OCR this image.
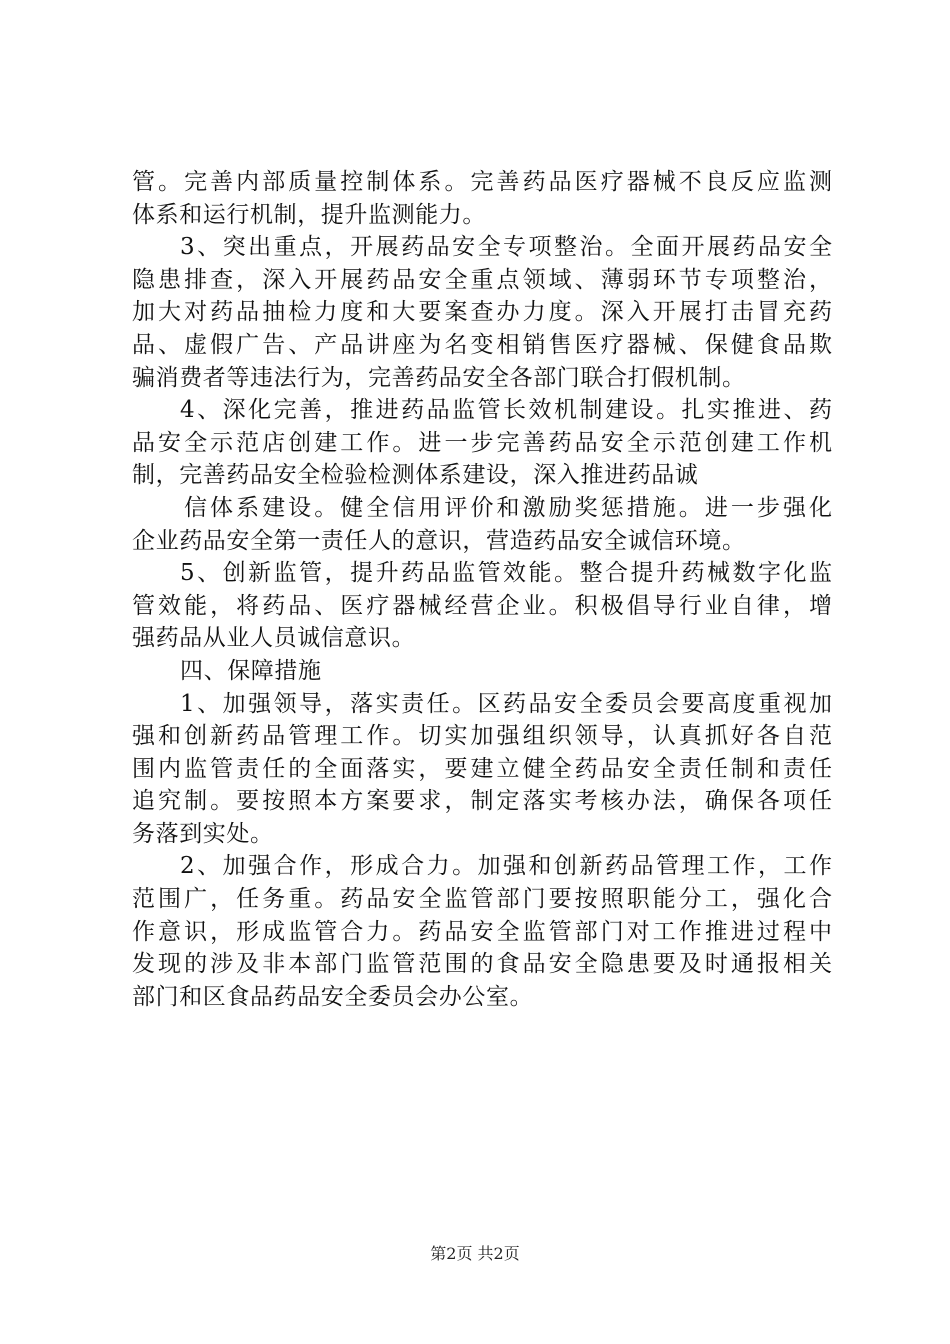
管。完善内部质量控制体系。完善药品医疗器械不良反应监测
体系和运行机制，提升监测能力。
3、突出重点，开展药品安全专项整治。全面开展药品安全
隐患排查，深入开展药品安全重点领域、薄弱环节专项整治，
加大对药品抽检力度和大要案查办力度。深入开展打击冒充药
品、虚假广告、产品讲座为名变相销售医疗器械、保健食品欺
骗消费者等违法行为，完善药品安全各部门联合打假机制。
4、深化完善，推进药品监管长效机制建设。扎实推进、药
品安全示范店创建工作。进一步完善药品安全示范创建工作机
制，完善药品安全检验检测体系建设，深入推进药品诚
信体系建设。健全信用评价和激励奖惩措施。进一步强化
企业药品安全第一责任人的意识，营造药品安全诚信环境。
5、创新监管，提升药品监管效能。整合提升药械数字化监
管效能，将药品、医疗器械经营企业。积极倡导行业自律，增
强药品从业人员诚信意识。
四、保障措施
1、加强领导，落实责任。区药品安全委员会要高度重视加
强和创新药品管理工作。切实加强组织领导，认真抓好各自范
围内监管责任的全面落实，要建立健全药品安全责任制和责任
追究制。要按照本方案要求，制定落实考核办法，确保各项任
务落到实处。
2、加强合作，形成合力。加强和创新药品管理工作，工作
范围广，任务重。药品安全监管部门要按照职能分工，强化合
作意识，形成监管合力。药品安全监管部门对工作推进过程中
发现的涉及非本部门监管范围的食品安全隐患要及时通报相关
部门和区食品药品安全委员会办公室。
第2页 共2页
